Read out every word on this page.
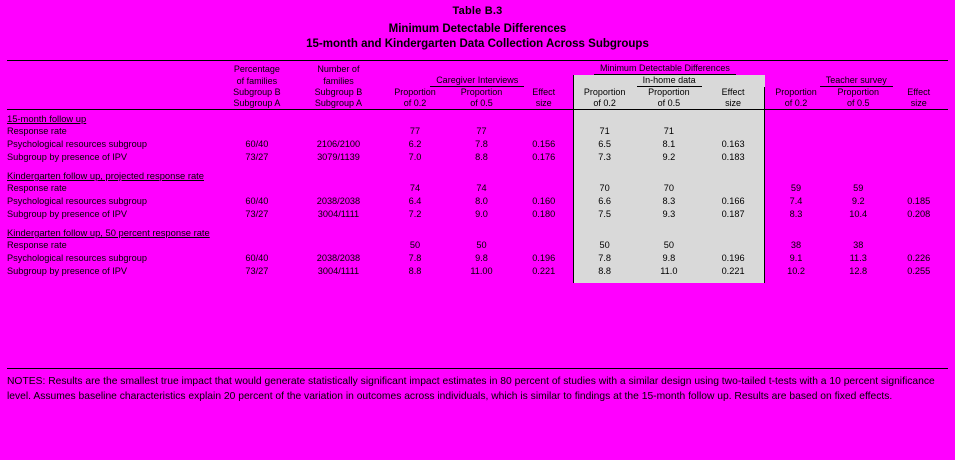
Table B.3
Minimum Detectable Differences
15-month and Kindergarten Data Collection Across Subgroups

	Percentage	Number of	Minimum Detectable Differences								
	of families	families	Caregiver Interviews			In-home data			Teacher survey		
	Subgroup B	Subgroup B	Proportion	Proportion	Effect	Proportion	Proportion	Effect	Proportion	Proportion	Effect
	Subgroup A	Subgroup A	of 0.2	of 0.5	size	of 0.2	of 0.5	size	of 0.2	of 0.5	size

15-month follow up											
Response rate			77	77		71	71				
Psychological resources subgroup	60/40	2106/2100	6.2	7.8	0.156	6.5	8.1	0.163			
Subgroup by presence of IPV	73/27	3079/1139	7.0	8.8	0.176	7.3	9.2	0.183			

Kindergarten follow up, projected response rate											
Response rate			74	74		70	70		59	59	
Psychological resources subgroup	60/40	2038/2038	6.4	8.0	0.160	6.6	8.3	0.166	7.4	9.2	0.185
Subgroup by presence of IPV	73/27	3004/1111	7.2	9.0	0.180	7.5	9.3	0.187	8.3	10.4	0.208

Kindergarten follow up, 50 percent response rate											
Response rate			50	50		50	50		38	38	
Psychological resources subgroup	60/40	2038/2038	7.8	9.8	0.196	7.8	9.8	0.196	9.1	11.3	0.226
Subgroup by presence of IPV	73/27	3004/1111	8.8	11.00	0.221	8.8	11.0	0.221	10.2	12.8	0.255

NOTES: Results are the smallest true impact that would generate statistically significant impact estimates in 80 percent of studies with a similar design using two-tailed t-tests with a 10 percent significance level. Assumes baseline characteristics explain 20 percent of the variation in outcomes across individuals, which is similar to findings at the 15-month follow up. Results are based on fixed effects.
